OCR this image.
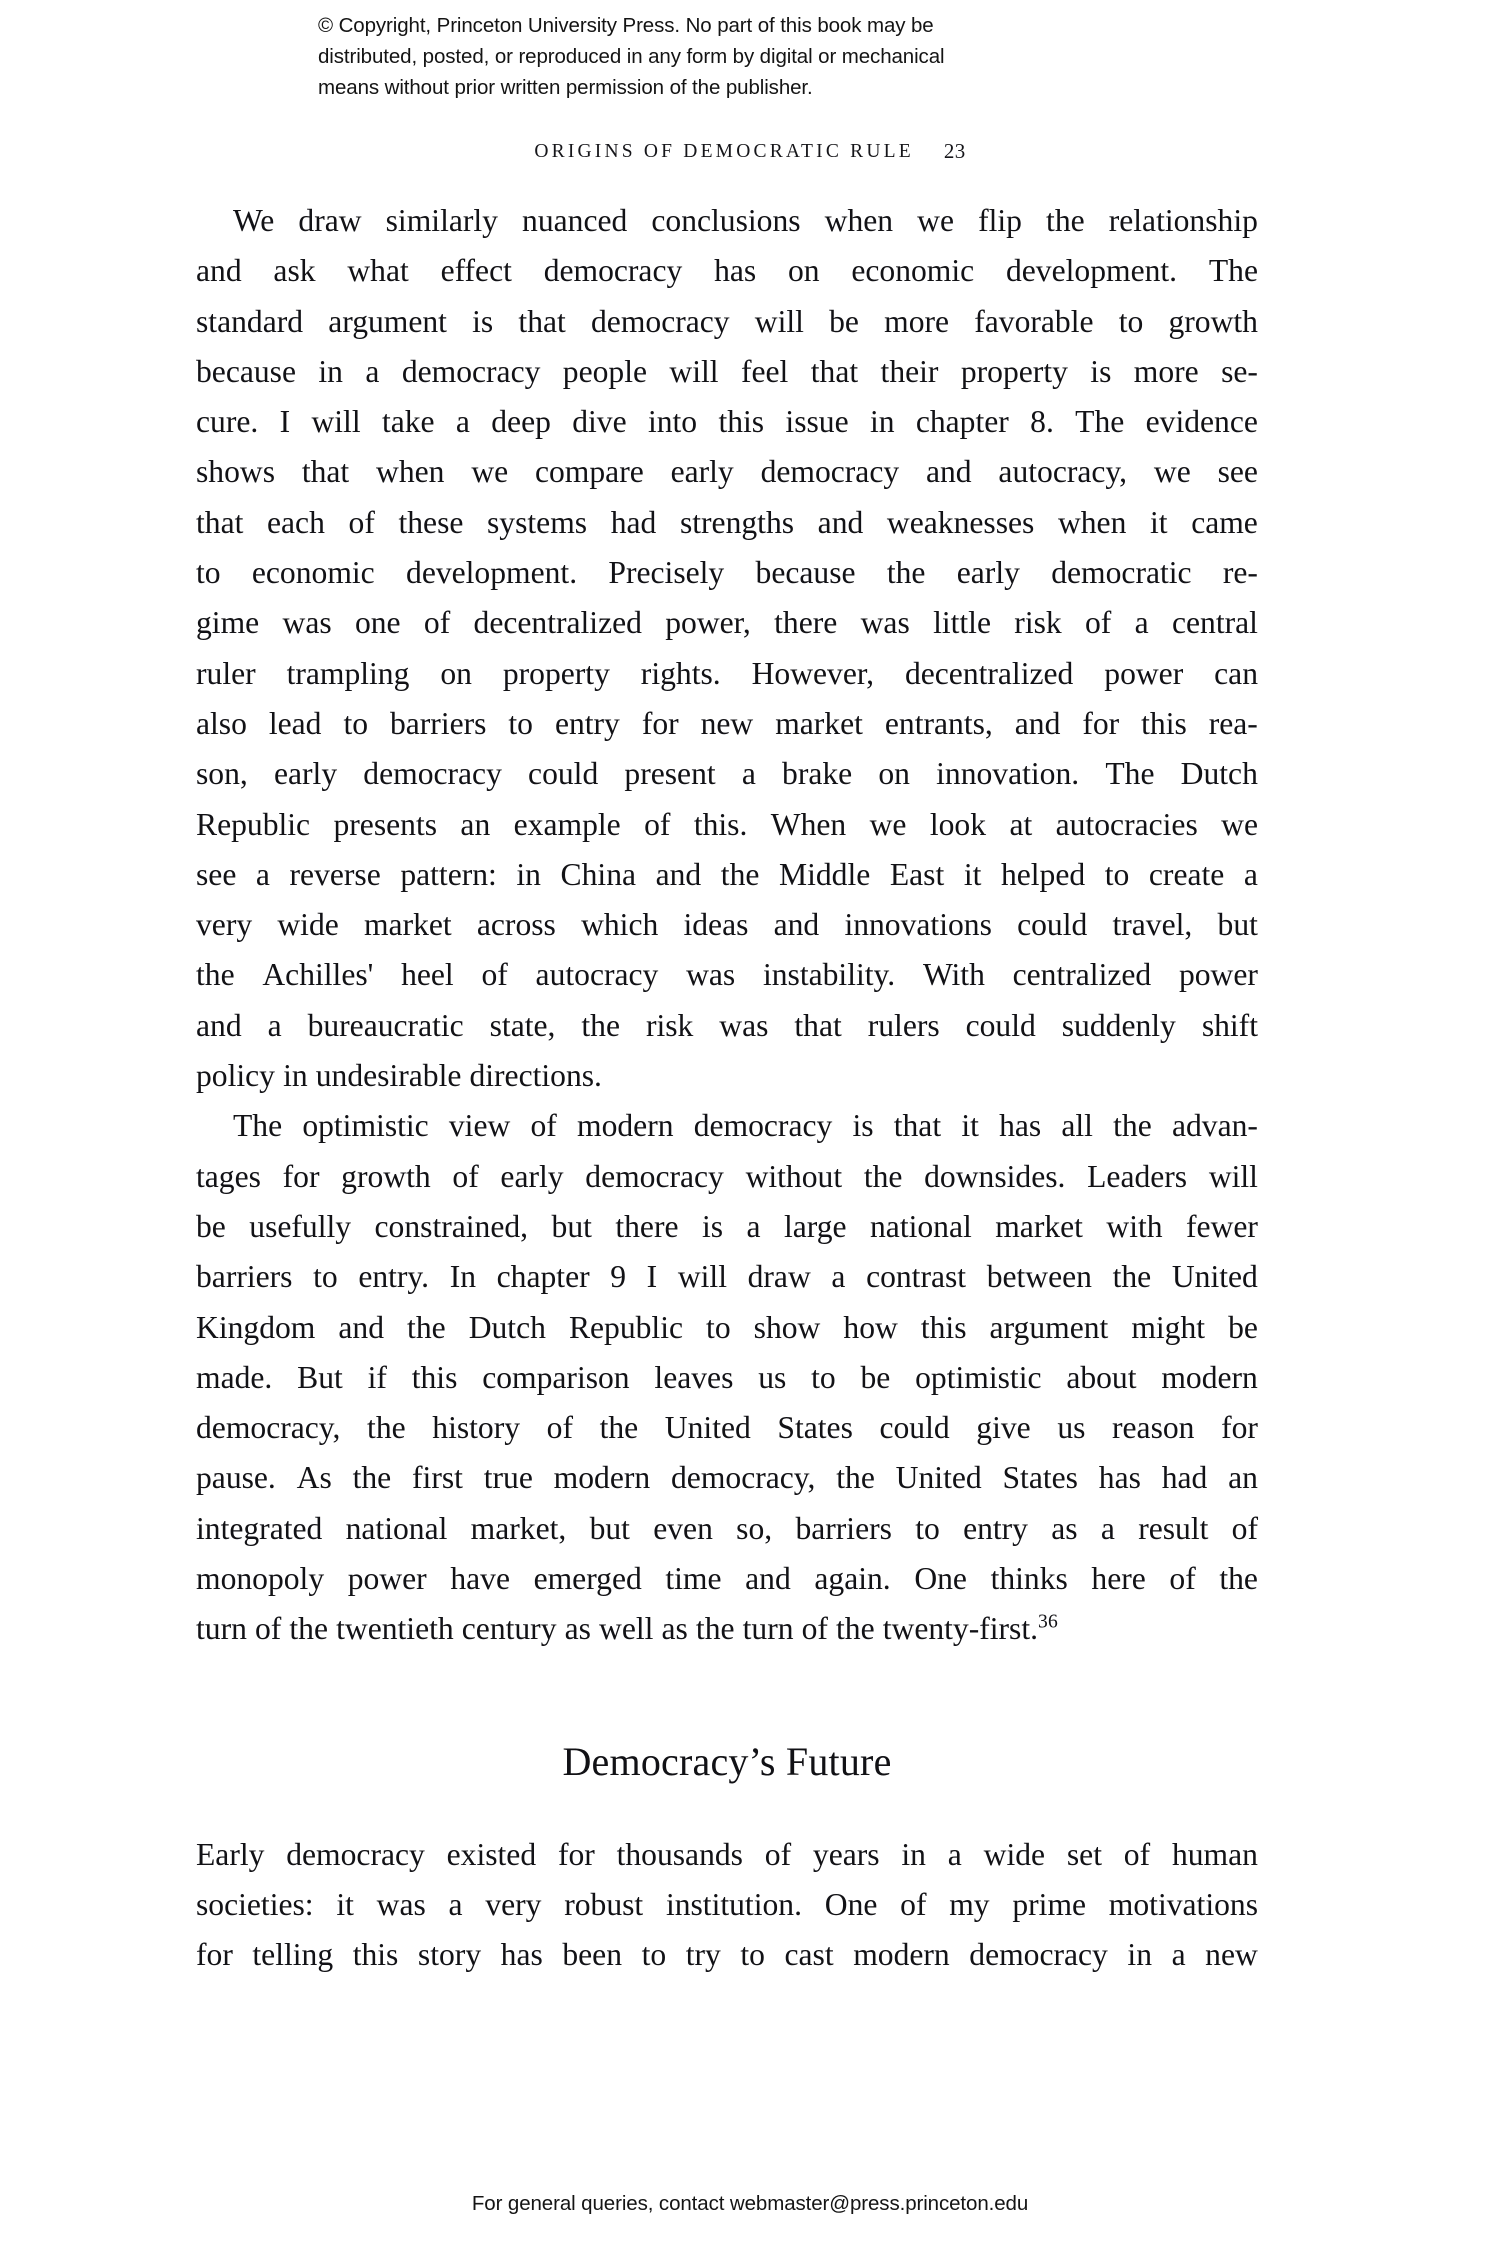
© Copyright, Princeton University Press. No part of this book may be
distributed, posted, or reproduced in any form by digital or mechanical
means without prior written permission of the publisher.
ORIGINS OF DEMOCRATIC RULE 23

We draw similarly nuanced conclusions when we flip the relationship
and ask what effect democracy has on economic development. The
standard argument is that democracy will be more favorable to growth
because in a democracy people will feel that their property is more se-
cure. I will take a deep dive into this issue in chapter 8. The evidence
shows that when we compare early democracy and autocracy, we see
that each of these systems had strengths and weaknesses when it came
to economic development. Precisely because the early democratic re-
gime was one of decentralized power, there was little risk of a central
ruler trampling on property rights. However, decentralized power can
also lead to barriers to entry for new market entrants, and for this rea-
son, early democracy could present a brake on innovation. The Dutch
Republic presents an example of this. When we look at autocracies we
see a reverse pattern: in China and the Middle East it helped to create a
very wide market across which ideas and innovations could travel, but
the Achilles' heel of autocracy was instability. With centralized power
and a bureaucratic state, the risk was that rulers could suddenly shift
policy in undesirable directions.

The optimistic view of modern democracy is that it has all the advan-
tages for growth of early democracy without the downsides. Leaders will
be usefully constrained, but there is a large national market with fewer
barriers to entry. In chapter 9 I will draw a contrast between the United
Kingdom and the Dutch Republic to show how this argument might be
made. But if this comparison leaves us to be optimistic about modern
democracy, the history of the United States could give us reason for
pause. As the first true modern democracy, the United States has had an
integrated national market, but even so, barriers to entry as a result of
monopoly power have emerged time and again. One thinks here of the
turn of the twentieth century as well as the turn of the twenty-first.$^{36}$

Democracy’s Future

Early democracy existed for thousands of years in a wide set of human
societies: it was a very robust institution. One of my prime motivations
for telling this story has been to try to cast modern democracy in a new

For general queries, contact webmaster@press.princeton.edu
